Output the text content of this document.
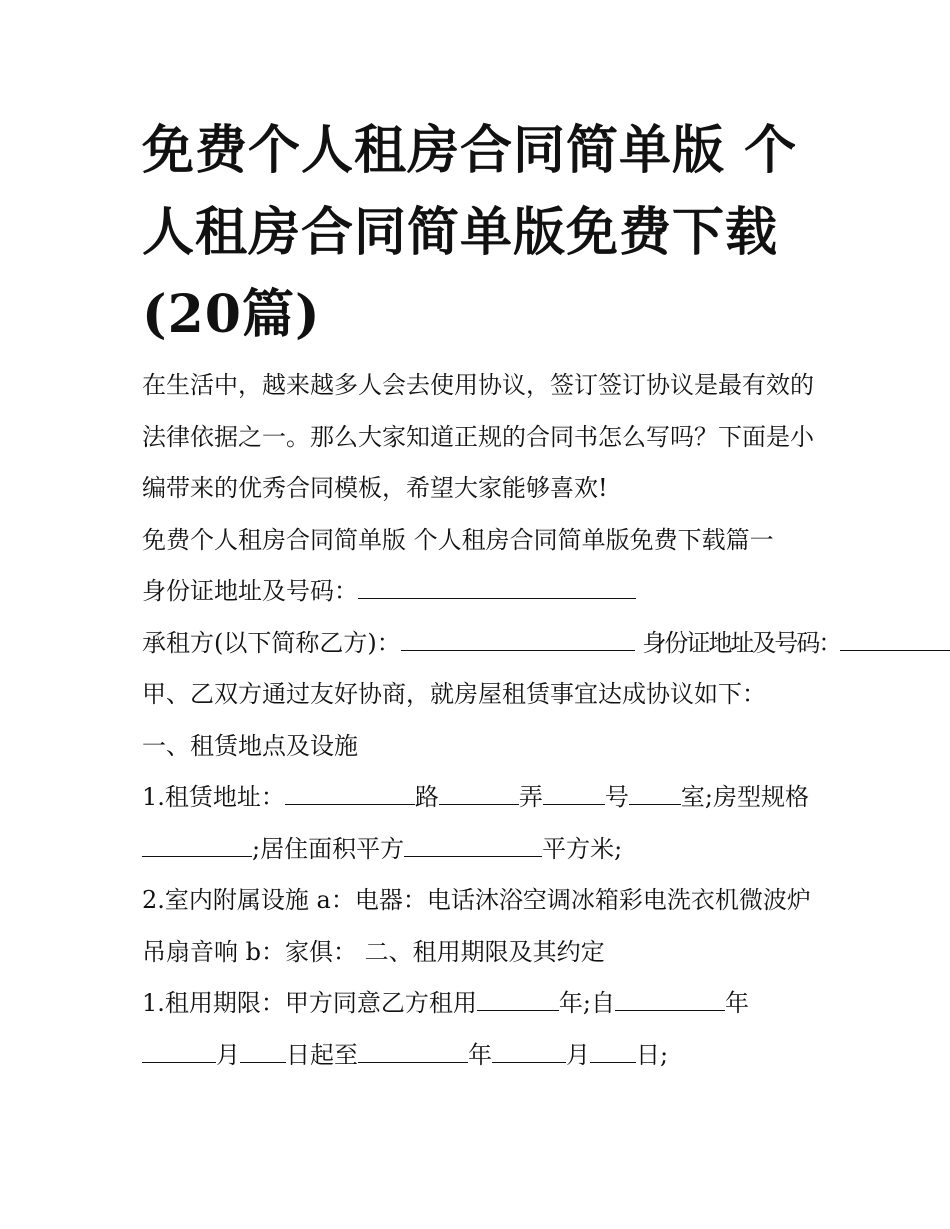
免费个人租房合同简单版 个人租房合同简单版免费下载(20篇)

在生活中，越来越多人会去使用协议，签订签订协议是最有效的法律依据之一。那么大家知道正规的合同书怎么写吗？下面是小编带来的优秀合同模板，希望大家能够喜欢!

免费个人租房合同简单版 个人租房合同简单版免费下载篇一

身份证地址及号码：

承租方(以下简称乙方)：	身份证地址及号码：

甲、乙双方通过友好协商，就房屋租赁事宜达成协议如下：

一、租赁地点及设施

1.租赁地址：	路	弄	号 室;房型规格;居住面积平方	平方米;

2.室内附属设施 a：电器：电话沐浴空调冰箱彩电洗衣机微波炉吊扇音响 b：家俱： 二、租用期限及其约定

1.租用期限：甲方同意乙方租用	年;自	年月 日起至	年	月 日;
